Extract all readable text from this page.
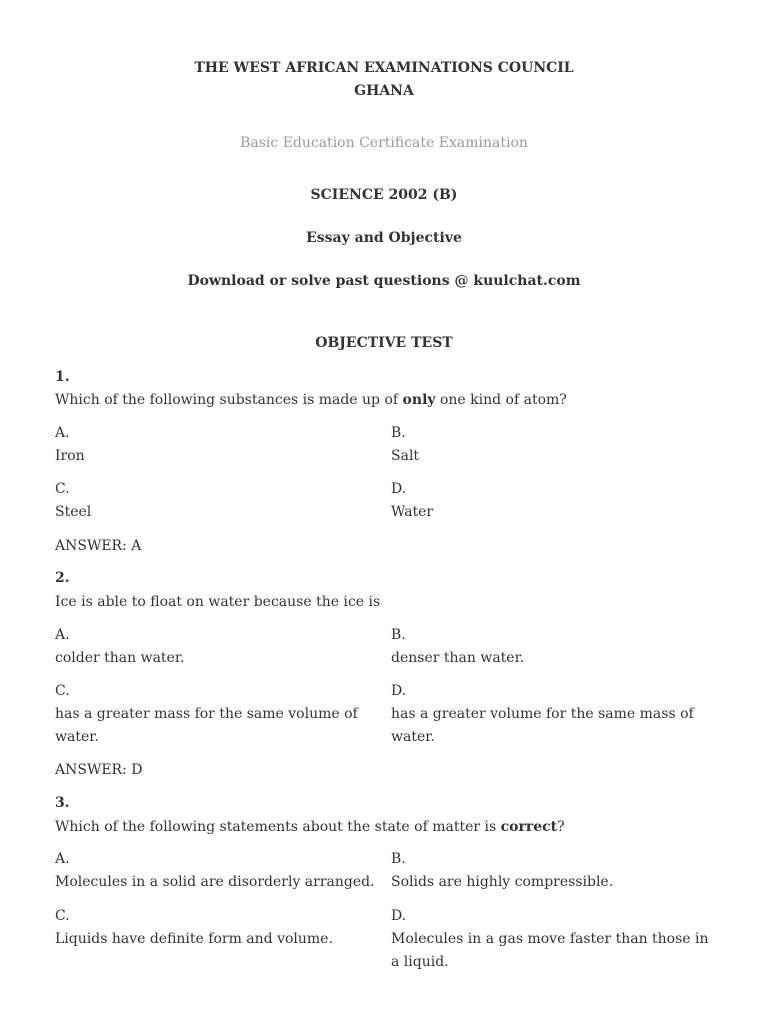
THE WEST AFRICAN EXAMINATIONS COUNCIL
GHANA
Basic Education Certificate Examination
SCIENCE 2002 (B)
Essay and Objective
Download or solve past questions @ kuulchat.com
OBJECTIVE TEST
1.
Which of the following substances is made up of only one kind of atom?
A.
Iron
B.
Salt
C.
Steel
D.
Water
ANSWER: A
2.
Ice is able to float on water because the ice is
A.
colder than water.
B.
denser than water.
C.
has a greater mass for the same volume of water.
D.
has a greater volume for the same mass of water.
ANSWER: D
3.
Which of the following statements about the state of matter is correct?
A.
Molecules in a solid are disorderly arranged.
B.
Solids are highly compressible.
C.
Liquids have definite form and volume.
D.
Molecules in a gas move faster than those in a liquid.
